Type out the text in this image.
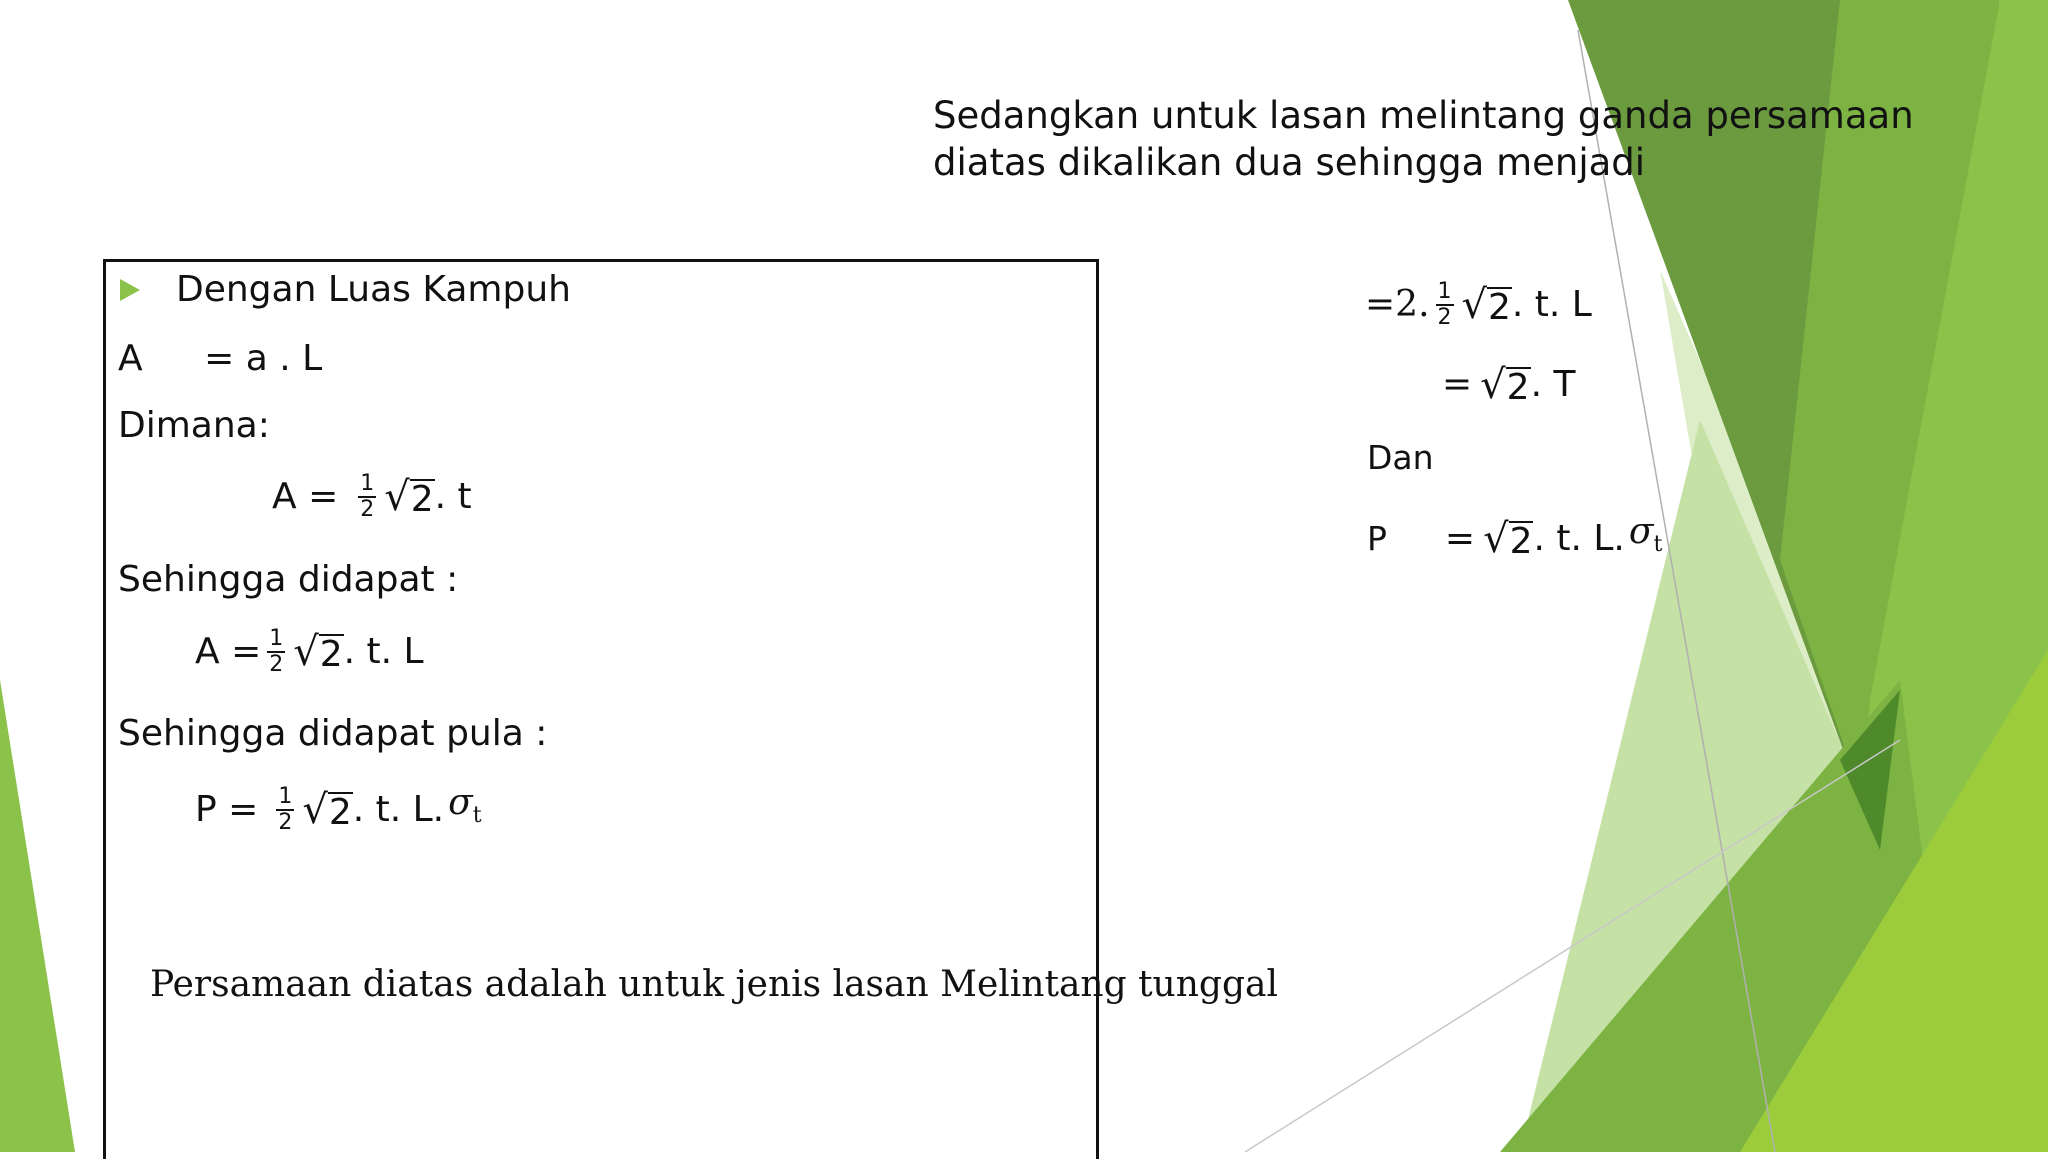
Sedangkan untuk lasan melintang ganda persamaan
diatas dikalikan dua sehingga menjadi
Dengan Luas Kampuh
A = a . L
Dimana:
$A = \frac{1}{2}$ √ 2 . t
Sehingga didapat :
$A = \frac{1}{2}$ √ 2 . t. L
Sehingga didapat pula :
$P = \frac{1}{2}$ √ 2 . t. L. $\sigma_t$
Persamaan diatas adalah untuk jenis lasan Melintang tunggal
=2. $\frac{1}{2}$ √ 2 . t. L
= √ 2 . T
Dan
P = √ 2 . t. L. $\sigma_t$
